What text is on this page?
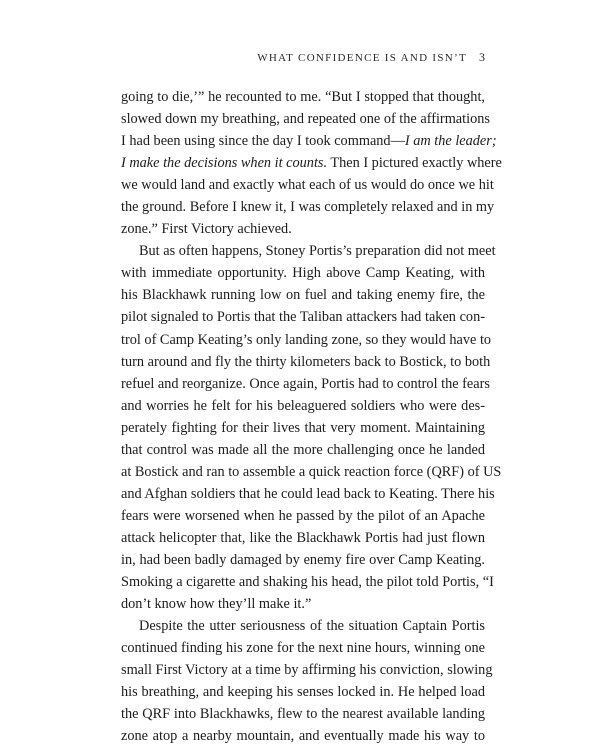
WHAT CONFIDENCE IS AND ISN’T 3
going to die,’” he recounted to me. “But I stopped that thought,
slowed down my breathing, and repeated one of the affirmations
I had been using since the day I took command—I am the leader;
I make the decisions when it counts. Then I pictured exactly where
we would land and exactly what each of us would do once we hit
the ground. Before I knew it, I was completely relaxed and in my
zone.” First Victory achieved.
But as often happens, Stoney Portis’s preparation did not meet
with immediate opportunity. High above Camp Keating, with
his Blackhawk running low on fuel and taking enemy fire, the
pilot signaled to Portis that the Taliban attackers had taken con-
trol of Camp Keating’s only landing zone, so they would have to
turn around and fly the thirty kilometers back to Bostick, to both
refuel and reorganize. Once again, Portis had to control the fears
and worries he felt for his beleaguered soldiers who were des-
perately fighting for their lives that very moment. Maintaining
that control was made all the more challenging once he landed
at Bostick and ran to assemble a quick reaction force (QRF) of US
and Afghan soldiers that he could lead back to Keating. There his
fears were worsened when he passed by the pilot of an Apache
attack helicopter that, like the Blackhawk Portis had just flown
in, had been badly damaged by enemy fire over Camp Keating.
Smoking a cigarette and shaking his head, the pilot told Portis, “I
don’t know how they’ll make it.”
Despite the utter seriousness of the situation Captain Portis
continued finding his zone for the next nine hours, winning one
small First Victory at a time by affirming his conviction, slowing
his breathing, and keeping his senses locked in. He helped load
the QRF into Blackhawks, flew to the nearest available landing
zone atop a nearby mountain, and eventually made his way to
